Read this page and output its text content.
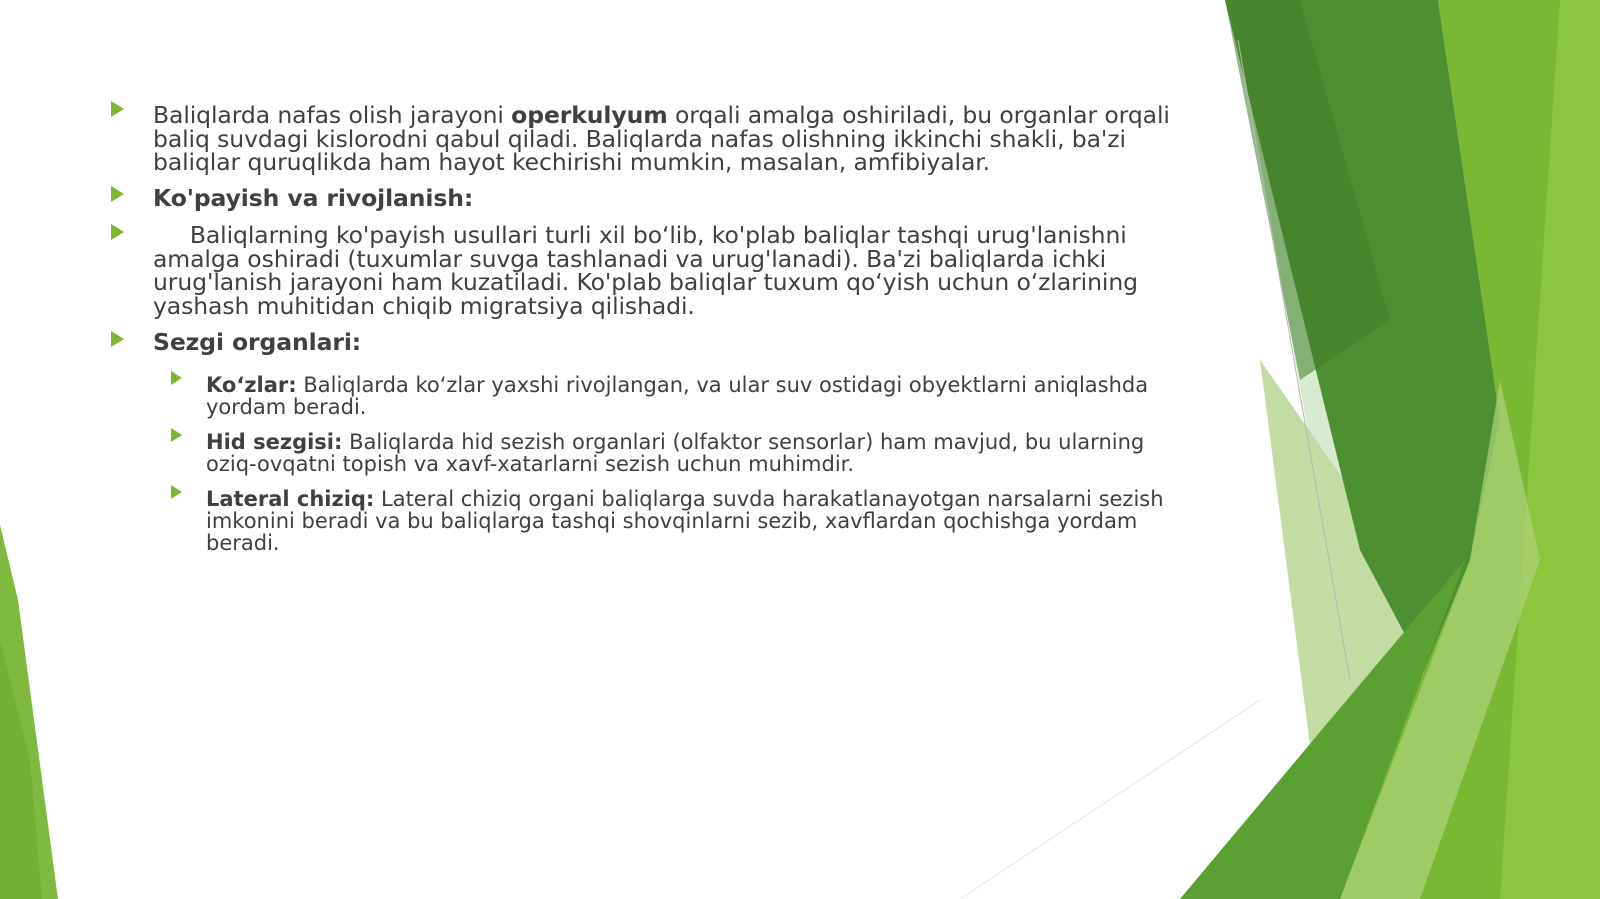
Baliqlarda nafas olish jarayoni operkulyum orqali amalga oshiriladi, bu organlar orqali baliq suvdagi kislorodni qabul qiladi. Baliqlarda nafas olishning ikkinchi shakli, ba'zi baliqlar quruqlikda ham hayot kechirishi mumkin, masalan, amfibiyalar.

Ko'payish va rivojlanish:

Baliqlarning ko'payish usullari turli xil bo‘lib, ko'plab baliqlar tashqi urug'lanishni amalga oshiradi (tuxumlar suvga tashlanadi va urug'lanadi). Ba'zi baliqlarda ichki urug'lanish jarayoni ham kuzatiladi. Ko'plab baliqlar tuxum qo‘yish uchun o‘zlarining yashash muhitidan chiqib migratsiya qilishadi.

Sezgi organlari:

Ko‘zlar: Baliqlarda ko‘zlar yaxshi rivojlangan, va ular suv ostidagi obyektlarni aniqlashda yordam beradi.

Hid sezgisi: Baliqlarda hid sezish organlari (olfaktor sensorlar) ham mavjud, bu ularning oziq-ovqatni topish va xavf-xatarlarni sezish uchun muhimdir.

Lateral chiziq: Lateral chiziq organi baliqlarga suvda harakatlanayotgan narsalarni sezish imkonini beradi va bu baliqlarga tashqi shovqinlarni sezib, xavflardan qochishga yordam beradi.
